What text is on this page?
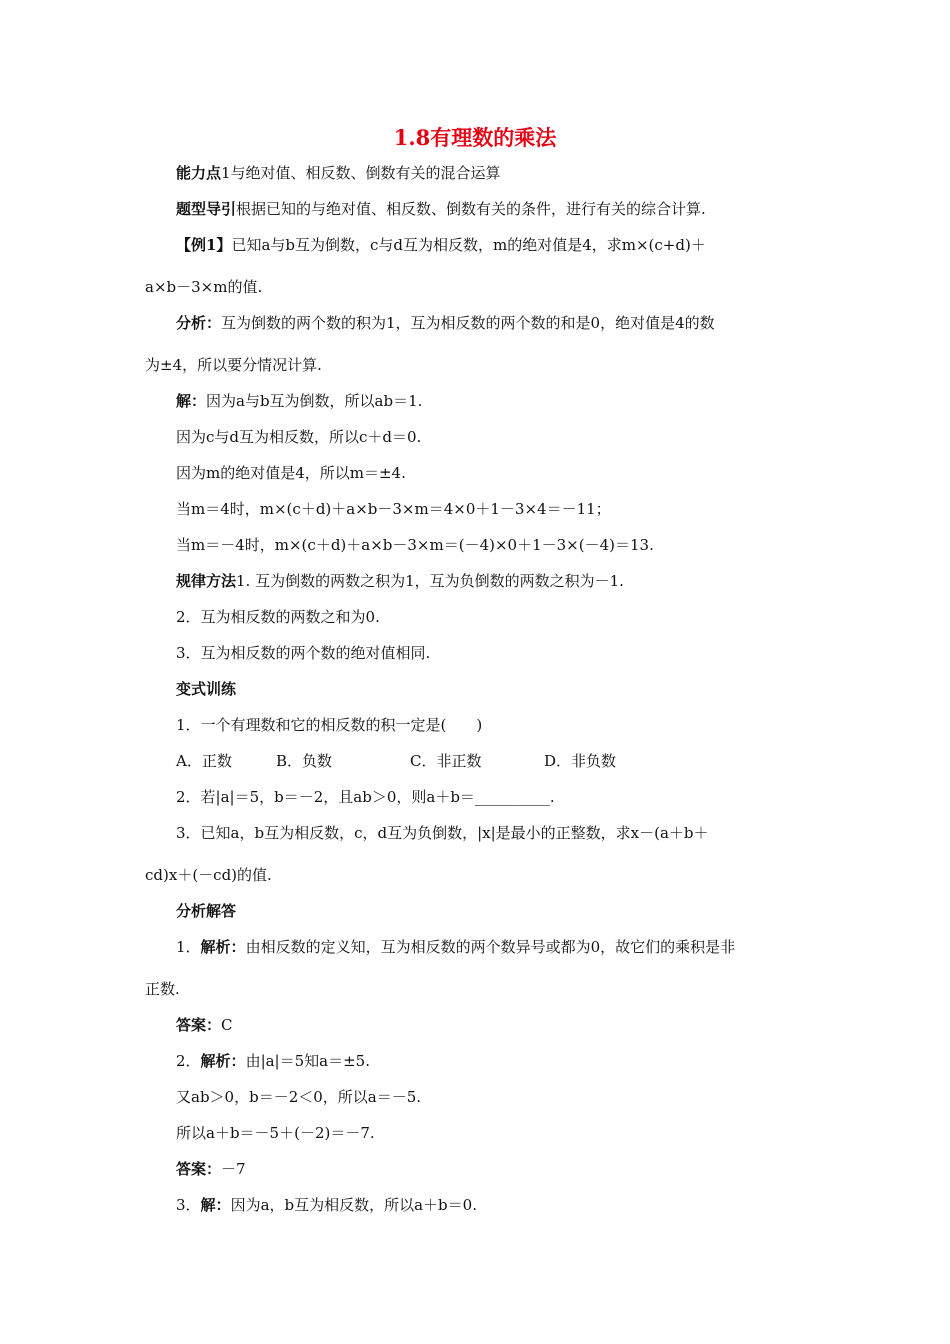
1.8有理数的乘法

能力点1与绝对值、相反数、倒数有关的混合运算

题型导引根据已知的与绝对值、相反数、倒数有关的条件，进行有关的综合计算.

【例1】已知a与b互为倒数，c与d互为相反数，m的绝对值是4，求m×(c+d)＋

a×b－3×m的值.

分析：互为倒数的两个数的积为1，互为相反数的两个数的和是0，绝对值是4的数

为±4，所以要分情况计算.

解：因为a与b互为倒数，所以ab＝1.

因为c与d互为相反数，所以c＋d＝0.

因为m的绝对值是4，所以m＝±4.

当m＝4时，m×(c＋d)＋a×b－3×m＝4×0＋1－3×4＝－11；

当m＝－4时，m×(c＋d)＋a×b－3×m＝(－4)×0＋1－3×(－4)＝13.

规律方法1. 互为倒数的两数之积为1，互为负倒数的两数之积为－1.

2．互为相反数的两数之和为0.

3．互为相反数的两个数的绝对值相同.

变式训练

1．一个有理数和它的相反数的积一定是(　　)

A．正数	B．负数	C．非正数	D．非负数

2．若|a|＝5，b＝－2，且ab＞0，则a＋b＝__________.

3．已知a，b互为相反数，c，d互为负倒数，|x|是最小的正整数，求x－(a＋b＋

cd)x＋(－cd)的值.

分析解答

1．解析：由相反数的定义知，互为相反数的两个数异号或都为0，故它们的乘积是非

正数.

答案：C

2．解析：由|a|＝5知a＝±5.

又ab＞0，b＝－2＜0，所以a＝－5.

所以a＋b＝－5＋(－2)＝－7.

答案：－7

3．解：因为a，b互为相反数，所以a＋b＝0.
